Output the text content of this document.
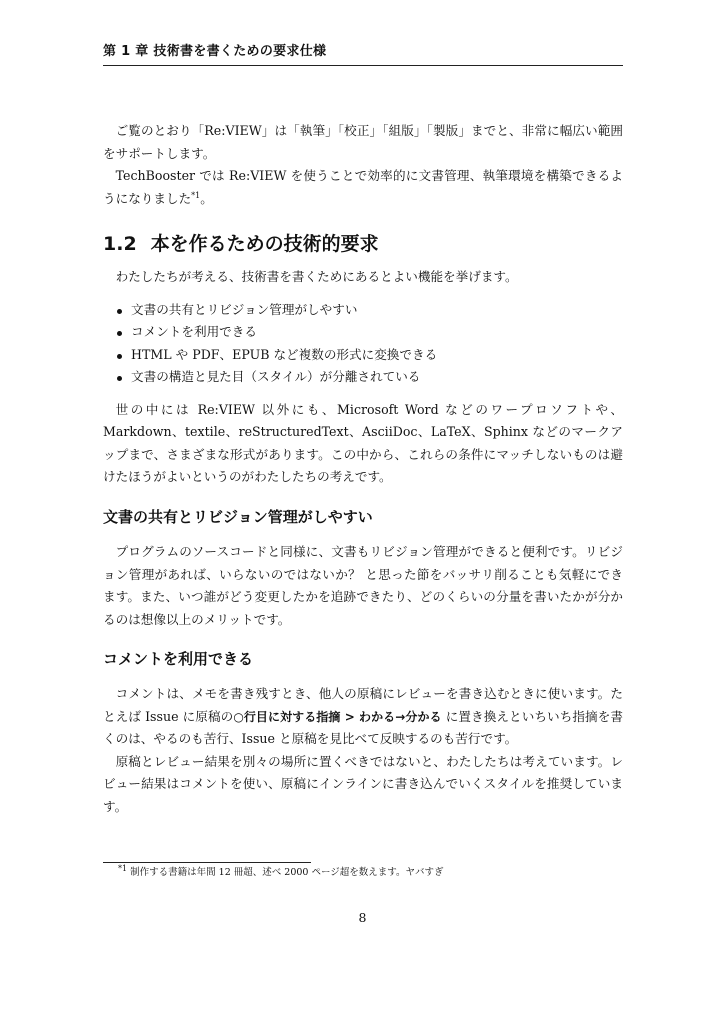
第 1 章 技術書を書くための要求仕様

ご覧のとおり「Re:VIEW」は「執筆」「校正」「組版」「製版」までと、非常に幅広い範囲をサポートします。

TechBooster では Re:VIEW を使うことで効率的に文書管理、執筆環境を構築できるようになりました$^{*1}$。

1.2 本を作るための技術的要求

わたしたちが考える、技術書を書くためにあるとよい機能を挙げます。

文書の共有とリビジョン管理がしやすい
コメントを利用できる
HTML や PDF、EPUB など複数の形式に変換できる
文書の構造と見た目（スタイル）が分離されている

世の中には Re:VIEW 以外にも、Microsoft Word などのワープロソフトや、Markdown、textile、reStructuredText、AsciiDoc、LaTeX、Sphinx などのマークアップまで、さまざまな形式があります。この中から、これらの条件にマッチしないものは避けたほうがよいというのがわたしたちの考えです。

文書の共有とリビジョン管理がしやすい

プログラムのソースコードと同様に、文書もリビジョン管理ができると便利です。リビジョン管理があれば、いらないのではないか？ と思った節をバッサリ削ることも気軽にできます。また、いつ誰がどう変更したかを追跡できたり、どのくらいの分量を書いたかが分かるのは想像以上のメリットです。

コメントを利用できる

コメントは、メモを書き残すとき、他人の原稿にレビューを書き込むときに使います。たとえば Issue に原稿の○行目に対する指摘 > わかる→分かる に置き換えといちいち指摘を書くのは、やるのも苦行、Issue と原稿を見比べて反映するのも苦行です。

原稿とレビュー結果を別々の場所に置くべきではないと、わたしたちは考えています。レビュー結果はコメントを使い、原稿にインラインに書き込んでいくスタイルを推奨しています。

$^{*1}$ 制作する書籍は年間 12 冊超、述べ 2000 ページ超を数えます。ヤバすぎ
8
